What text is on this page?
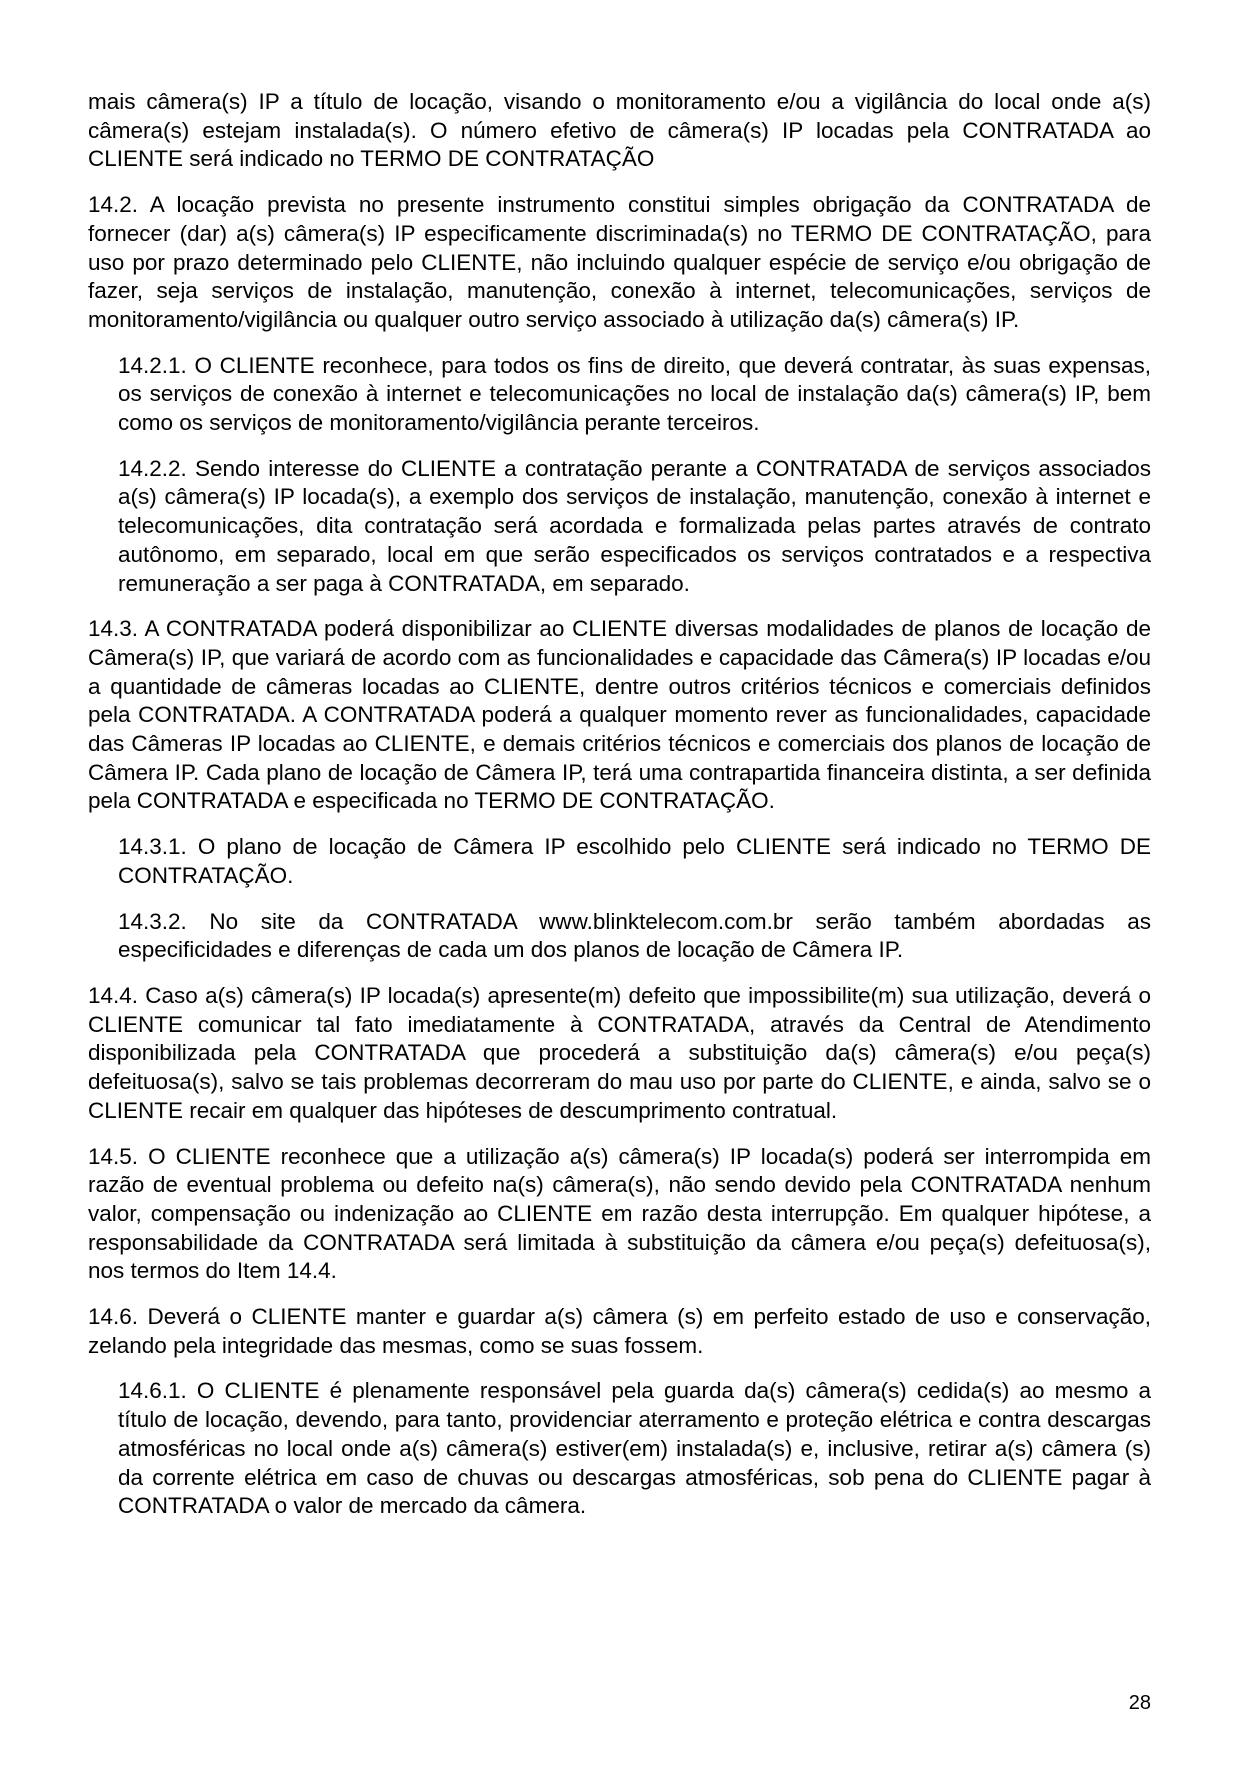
mais câmera(s) IP a título de locação, visando o monitoramento e/ou a vigilância do local onde a(s) câmera(s) estejam instalada(s). O número efetivo de câmera(s) IP locadas pela CONTRATADA ao CLIENTE será indicado no TERMO DE CONTRATAÇÃO

14.2. A locação prevista no presente instrumento constitui simples obrigação da CONTRATADA de fornecer (dar) a(s) câmera(s) IP especificamente discriminada(s) no TERMO DE CONTRATAÇÃO, para uso por prazo determinado pelo CLIENTE, não incluindo qualquer espécie de serviço e/ou obrigação de fazer, seja serviços de instalação, manutenção, conexão à internet, telecomunicações, serviços de monitoramento/vigilância ou qualquer outro serviço associado à utilização da(s) câmera(s) IP.

14.2.1. O CLIENTE reconhece, para todos os fins de direito, que deverá contratar, às suas expensas, os serviços de conexão à internet e telecomunicações no local de instalação da(s) câmera(s) IP, bem como os serviços de monitoramento/vigilância perante terceiros.

14.2.2. Sendo interesse do CLIENTE a contratação perante a CONTRATADA de serviços associados a(s) câmera(s) IP locada(s), a exemplo dos serviços de instalação, manutenção, conexão à internet e telecomunicações, dita contratação será acordada e formalizada pelas partes através de contrato autônomo, em separado, local em que serão especificados os serviços contratados e a respectiva remuneração a ser paga à CONTRATADA, em separado.

14.3. A CONTRATADA poderá disponibilizar ao CLIENTE diversas modalidades de planos de locação de Câmera(s) IP, que variará de acordo com as funcionalidades e capacidade das Câmera(s) IP locadas e/ou a quantidade de câmeras locadas ao CLIENTE, dentre outros critérios técnicos e comerciais definidos pela CONTRATADA. A CONTRATADA poderá a qualquer momento rever as funcionalidades, capacidade das Câmeras IP locadas ao CLIENTE, e demais critérios técnicos e comerciais dos planos de locação de Câmera IP. Cada plano de locação de Câmera IP, terá uma contrapartida financeira distinta, a ser definida pela CONTRATADA e especificada no TERMO DE CONTRATAÇÃO.

14.3.1. O plano de locação de Câmera IP escolhido pelo CLIENTE será indicado no TERMO DE CONTRATAÇÃO.

14.3.2. No site da CONTRATADA www.blinktelecom.com.br serão também abordadas as especificidades e diferenças de cada um dos planos de locação de Câmera IP.

14.4. Caso a(s) câmera(s) IP locada(s) apresente(m) defeito que impossibilite(m) sua utilização, deverá o CLIENTE comunicar tal fato imediatamente à CONTRATADA, através da Central de Atendimento disponibilizada pela CONTRATADA que procederá a substituição da(s) câmera(s) e/ou peça(s) defeituosa(s), salvo se tais problemas decorreram do mau uso por parte do CLIENTE, e ainda, salvo se o CLIENTE recair em qualquer das hipóteses de descumprimento contratual.

14.5. O CLIENTE reconhece que a utilização a(s) câmera(s) IP locada(s) poderá ser interrompida em razão de eventual problema ou defeito na(s) câmera(s), não sendo devido pela CONTRATADA nenhum valor, compensação ou indenização ao CLIENTE em razão desta interrupção. Em qualquer hipótese, a responsabilidade da CONTRATADA será limitada à substituição da câmera e/ou peça(s) defeituosa(s), nos termos do Item 14.4.

14.6. Deverá o CLIENTE manter e guardar a(s) câmera (s) em perfeito estado de uso e conservação, zelando pela integridade das mesmas, como se suas fossem.

14.6.1. O CLIENTE é plenamente responsável pela guarda da(s) câmera(s) cedida(s) ao mesmo a título de locação, devendo, para tanto, providenciar aterramento e proteção elétrica e contra descargas atmosféricas no local onde a(s) câmera(s) estiver(em) instalada(s) e, inclusive, retirar a(s) câmera (s) da corrente elétrica em caso de chuvas ou descargas atmosféricas, sob pena do CLIENTE pagar à CONTRATADA o valor de mercado da câmera.

28
